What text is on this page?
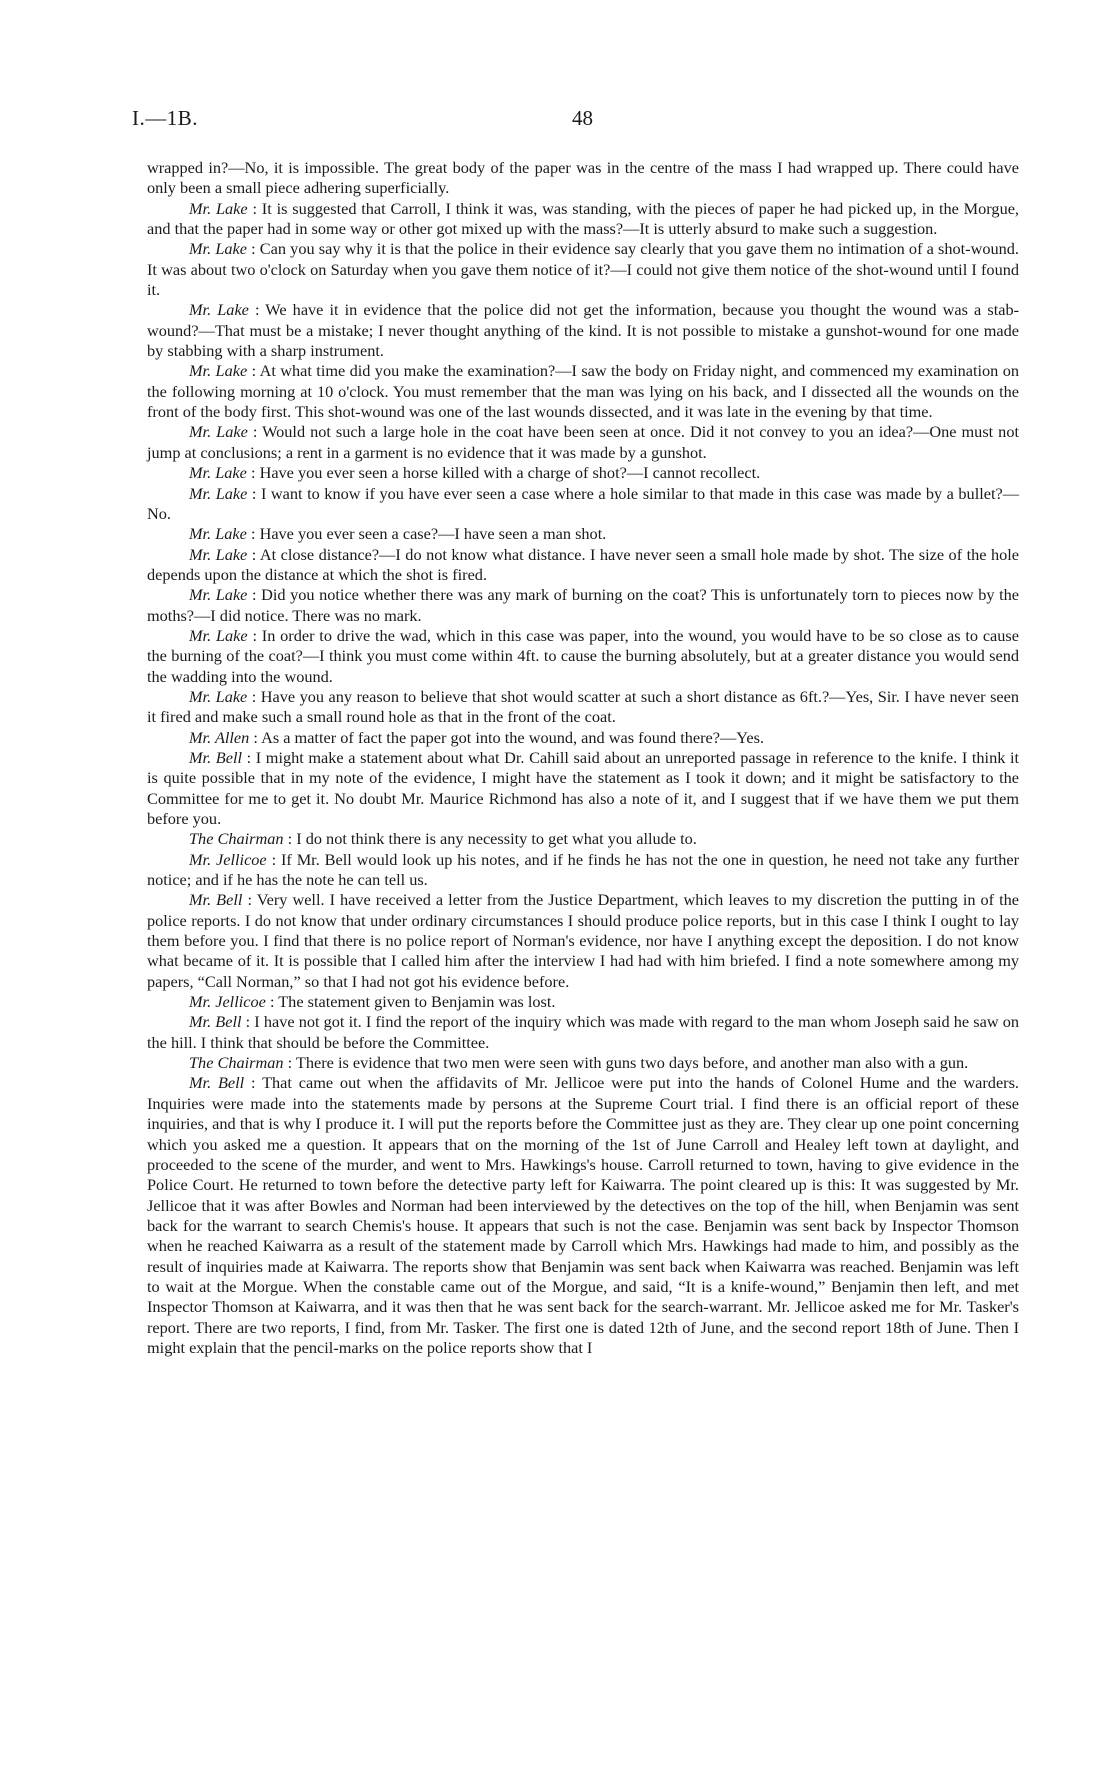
I.—1B.	48

wrapped in?—No, it is impossible. The great body of the paper was in the centre of the mass I had wrapped up. There could have only been a small piece adhering superficially.

Mr. Lake : It is suggested that Carroll, I think it was, was standing, with the pieces of paper he had picked up, in the Morgue, and that the paper had in some way or other got mixed up with the mass?—It is utterly absurd to make such a suggestion.

Mr. Lake : Can you say why it is that the police in their evidence say clearly that you gave them no intimation of a shot-wound. It was about two o'clock on Saturday when you gave them notice of it?—I could not give them notice of the shot-wound until I found it.

Mr. Lake : We have it in evidence that the police did not get the information, because you thought the wound was a stab-wound?—That must be a mistake; I never thought anything of the kind. It is not possible to mistake a gunshot-wound for one made by stabbing with a sharp instrument.

Mr. Lake : At what time did you make the examination?—I saw the body on Friday night, and commenced my examination on the following morning at 10 o'clock. You must remember that the man was lying on his back, and I dissected all the wounds on the front of the body first. This shot-wound was one of the last wounds dissected, and it was late in the evening by that time.

Mr. Lake : Would not such a large hole in the coat have been seen at once. Did it not convey to you an idea?—One must not jump at conclusions; a rent in a garment is no evidence that it was made by a gunshot.

Mr. Lake : Have you ever seen a horse killed with a charge of shot?—I cannot recollect.

Mr. Lake : I want to know if you have ever seen a case where a hole similar to that made in this case was made by a bullet?—No.

Mr. Lake : Have you ever seen a case?—I have seen a man shot.

Mr. Lake : At close distance?—I do not know what distance. I have never seen a small hole made by shot. The size of the hole depends upon the distance at which the shot is fired.

Mr. Lake : Did you notice whether there was any mark of burning on the coat? This is unfortunately torn to pieces now by the moths?—I did notice. There was no mark.

Mr. Lake : In order to drive the wad, which in this case was paper, into the wound, you would have to be so close as to cause the burning of the coat?—I think you must come within 4ft. to cause the burning absolutely, but at a greater distance you would send the wadding into the wound.

Mr. Lake : Have you any reason to believe that shot would scatter at such a short distance as 6ft.?—Yes, Sir. I have never seen it fired and make such a small round hole as that in the front of the coat.

Mr. Allen : As a matter of fact the paper got into the wound, and was found there?—Yes.

Mr. Bell : I might make a statement about what Dr. Cahill said about an unreported passage in reference to the knife. I think it is quite possible that in my note of the evidence, I might have the statement as I took it down; and it might be satisfactory to the Committee for me to get it. No doubt Mr. Maurice Richmond has also a note of it, and I suggest that if we have them we put them before you.

The Chairman : I do not think there is any necessity to get what you allude to.

Mr. Jellicoe : If Mr. Bell would look up his notes, and if he finds he has not the one in question, he need not take any further notice; and if he has the note he can tell us.

Mr. Bell : Very well. I have received a letter from the Justice Department, which leaves to my discretion the putting in of the police reports. I do not know that under ordinary circumstances I should produce police reports, but in this case I think I ought to lay them before you. I find that there is no police report of Norman's evidence, nor have I anything except the deposition. I do not know what became of it. It is possible that I called him after the interview I had had with him briefed. I find a note somewhere among my papers, “Call Norman,” so that I had not got his evidence before.

Mr. Jellicoe : The statement given to Benjamin was lost.

Mr. Bell : I have not got it. I find the report of the inquiry which was made with regard to the man whom Joseph said he saw on the hill. I think that should be before the Committee.

The Chairman : There is evidence that two men were seen with guns two days before, and another man also with a gun.

Mr. Bell : That came out when the affidavits of Mr. Jellicoe were put into the hands of Colonel Hume and the warders. Inquiries were made into the statements made by persons at the Supreme Court trial. I find there is an official report of these inquiries, and that is why I produce it. I will put the reports before the Committee just as they are. They clear up one point concerning which you asked me a question. It appears that on the morning of the 1st of June Carroll and Healey left town at daylight, and proceeded to the scene of the murder, and went to Mrs. Hawkings's house. Carroll returned to town, having to give evidence in the Police Court. He returned to town before the detective party left for Kaiwarra. The point cleared up is this: It was suggested by Mr. Jellicoe that it was after Bowles and Norman had been interviewed by the detectives on the top of the hill, when Benjamin was sent back for the warrant to search Chemis's house. It appears that such is not the case. Benjamin was sent back by Inspector Thomson when he reached Kaiwarra as a result of the statement made by Carroll which Mrs. Hawkings had made to him, and possibly as the result of inquiries made at Kaiwarra. The reports show that Benjamin was sent back when Kaiwarra was reached. Benjamin was left to wait at the Morgue. When the constable came out of the Morgue, and said, “It is a knife-wound,” Benjamin then left, and met Inspector Thomson at Kaiwarra, and it was then that he was sent back for the search-warrant. Mr. Jellicoe asked me for Mr. Tasker's report. There are two reports, I find, from Mr. Tasker. The first one is dated 12th of June, and the second report 18th of June. Then I might explain that the pencil-marks on the police reports show that I
